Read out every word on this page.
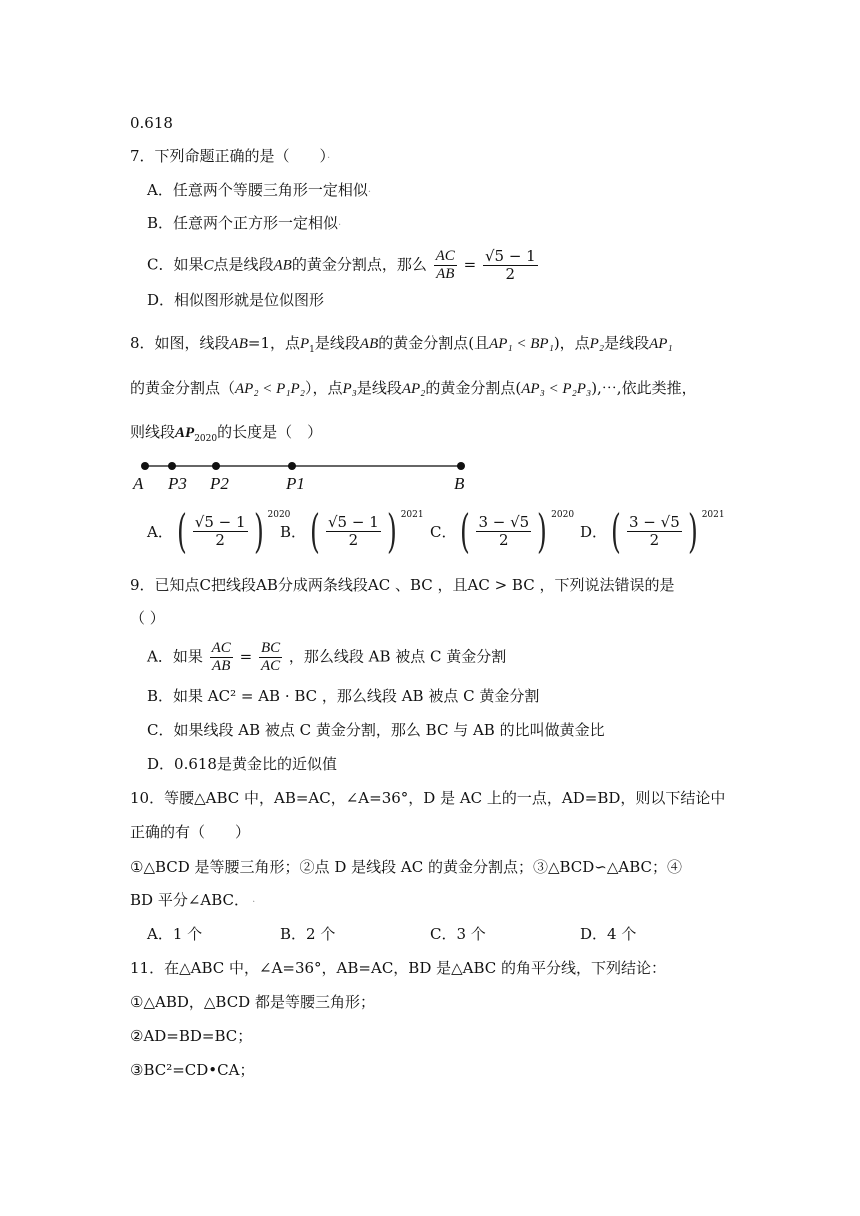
0.618
7．下列命题正确的是（　　）·
A．任意两个等腰三角形一定相似·
B．任意两个正方形一定相似·
C．如果C点是线段AB的黄金分割点，那么 $\frac{AC}{AB} = \frac{√5 - 1}{2}$
D．相似图形就是位似图形
8．如图，线段AB=1，点$P_1$是线段AB的黄金分割点(且AP₁ < BP₁)，点P₂是线段AP₁
的黄金分割点（AP₂ < P₁P₂），点P₃是线段AP₂的黄金分割点(AP₃ < P₂P₃),⋯,依此类推，
则线段$AP_{2020}$的长度是（　）
A P3 P2	P1	B
A． ( $\frac{√5 - 1}{2}$ ) 2020
B． ( $\frac{√5 - 1}{2}$ ) 2021
C． ( $\frac{3 - √5}{2}$ ) 2020
D． ( $\frac{3 - √5}{2}$ ) 2021
9．已知点C把线段AB分成两条线段AC 、BC ，且AC > BC ，下列说法错误的是
（ ）
A．如果 $\frac{AC}{AB} = \frac{BC}{AC}$ ，那么线段 AB 被点 C 黄金分割
B．如果 AC² = AB · BC ，那么线段 AB 被点 C 黄金分割
C．如果线段 AB 被点 C 黄金分割，那么 BC 与 AB 的比叫做黄金比
D．0.618是黄金比的近似值
10．等腰△ABC 中，AB=AC，∠A=36°，D 是 AC 上的一点，AD=BD，则以下结论中
正确的有（　　）
①△BCD 是等腰三角形；②点 D 是线段 AC 的黄金分割点；③△BCD∽△ABC；④
BD 平分∠ABC． ·
A．1 个	B．2 个	C．3 个	D．4 个
11．在△ABC 中，∠A=36°，AB=AC，BD 是△ABC 的角平分线，下列结论：
①△ABD，△BCD 都是等腰三角形；
②AD=BD=BC；
③BC²=CD•CA；
